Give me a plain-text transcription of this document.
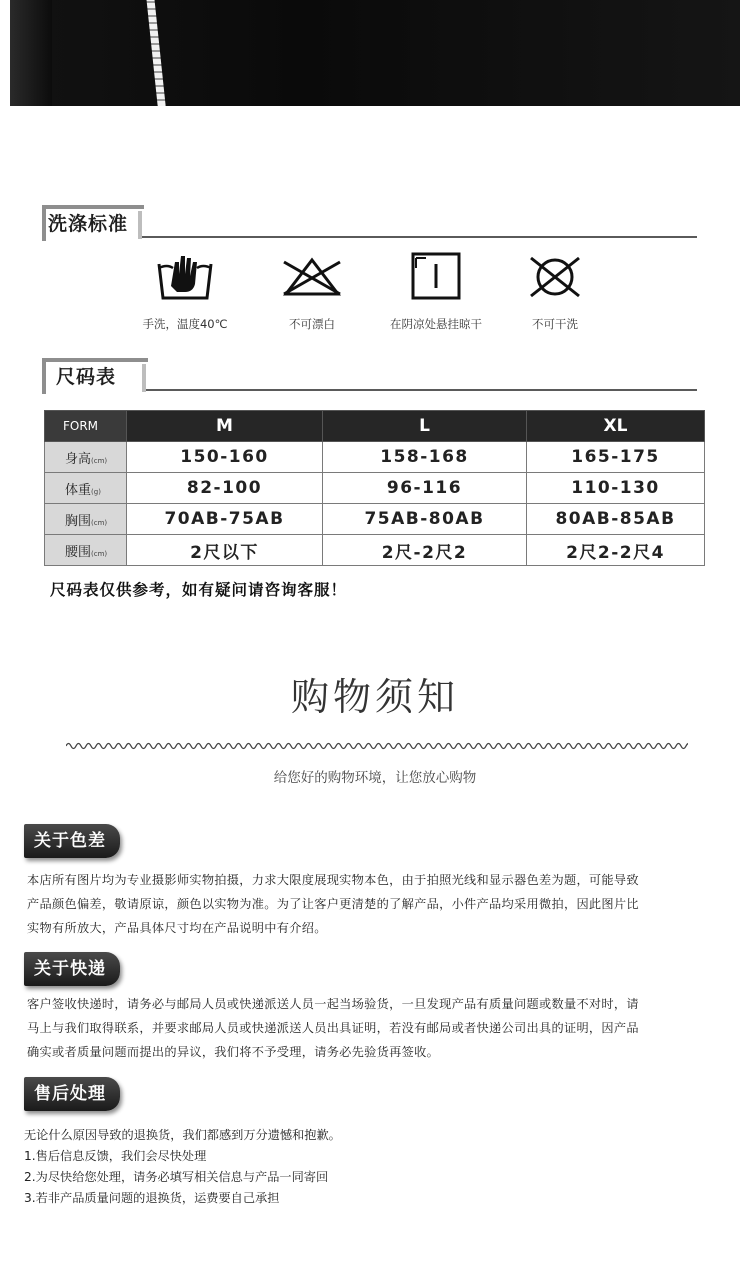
洗涤标准
手洗，温度40℃	不可漂白	在阴凉处悬挂晾干	不可干洗
尺码表
FORM	M	L	XL
身高(cm)	150-160	158-168	165-175
体重(g)	82-100	96-116	110-130
胸围(cm)	70AB-75AB	75AB-80AB	80AB-85AB
腰围(cm)	2尺以下	2尺-2尺2	2尺2-2尺4
尺码表仅供参考，如有疑问请咨询客服！
购物须知
给您好的购物环境，让您放心购物
关于色差
本店所有图片均为专业摄影师实物拍摄，力求大限度展现实物本色，由于拍照光线和显示器色差为题，可能导致
产品颜色偏差，敬请原谅，颜色以实物为准。为了让客户更清楚的了解产品，小件产品均采用微拍，因此图片比
实物有所放大，产品具体尺寸均在产品说明中有介绍。
关于快递
客户签收快递时，请务必与邮局人员或快递派送人员一起当场验货，一旦发现产品有质量问题或数量不对时，请
马上与我们取得联系，并要求邮局人员或快递派送人员出具证明，若没有邮局或者快递公司出具的证明，因产品
确实或者质量问题而提出的异议，我们将不予受理，请务必先验货再签收。
售后处理
无论什么原因导致的退换货，我们都感到万分遗憾和抱歉。
1.售后信息反馈，我们会尽快处理
2.为尽快给您处理，请务必填写相关信息与产品一同寄回
3.若非产品质量问题的退换货，运费要自己承担
